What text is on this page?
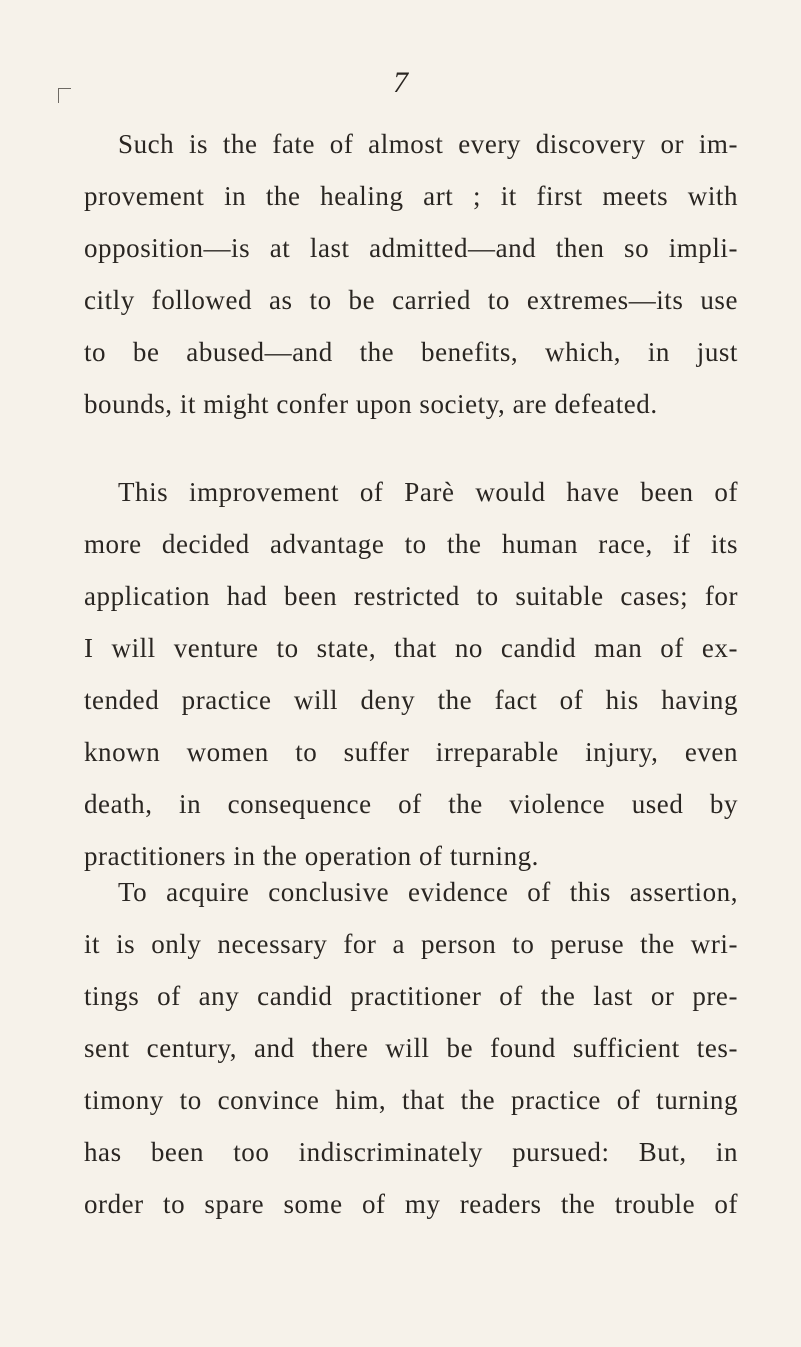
7

Such is the fate of almost every discovery or im-
provement in the healing art ; it first meets with
opposition—is at last admitted—and then so impli-
citly followed as to be carried to extremes—its use
to be abused—and the benefits, which, in just
bounds, it might confer upon society, are defeated.

This improvement of Parè would have been of
more decided advantage to the human race, if its
application had been restricted to suitable cases; for
I will venture to state, that no candid man of ex-
tended practice will deny the fact of his having
known women to suffer irreparable injury, even
death, in consequence of the violence used by
practitioners in the operation of turning.

To acquire conclusive evidence of this assertion,
it is only necessary for a person to peruse the wri-
tings of any candid practitioner of the last or pre-
sent century, and there will be found sufficient tes-
timony to convince him, that the practice of turning
has been too indiscriminately pursued: But, in
order to spare some of my readers the trouble of
